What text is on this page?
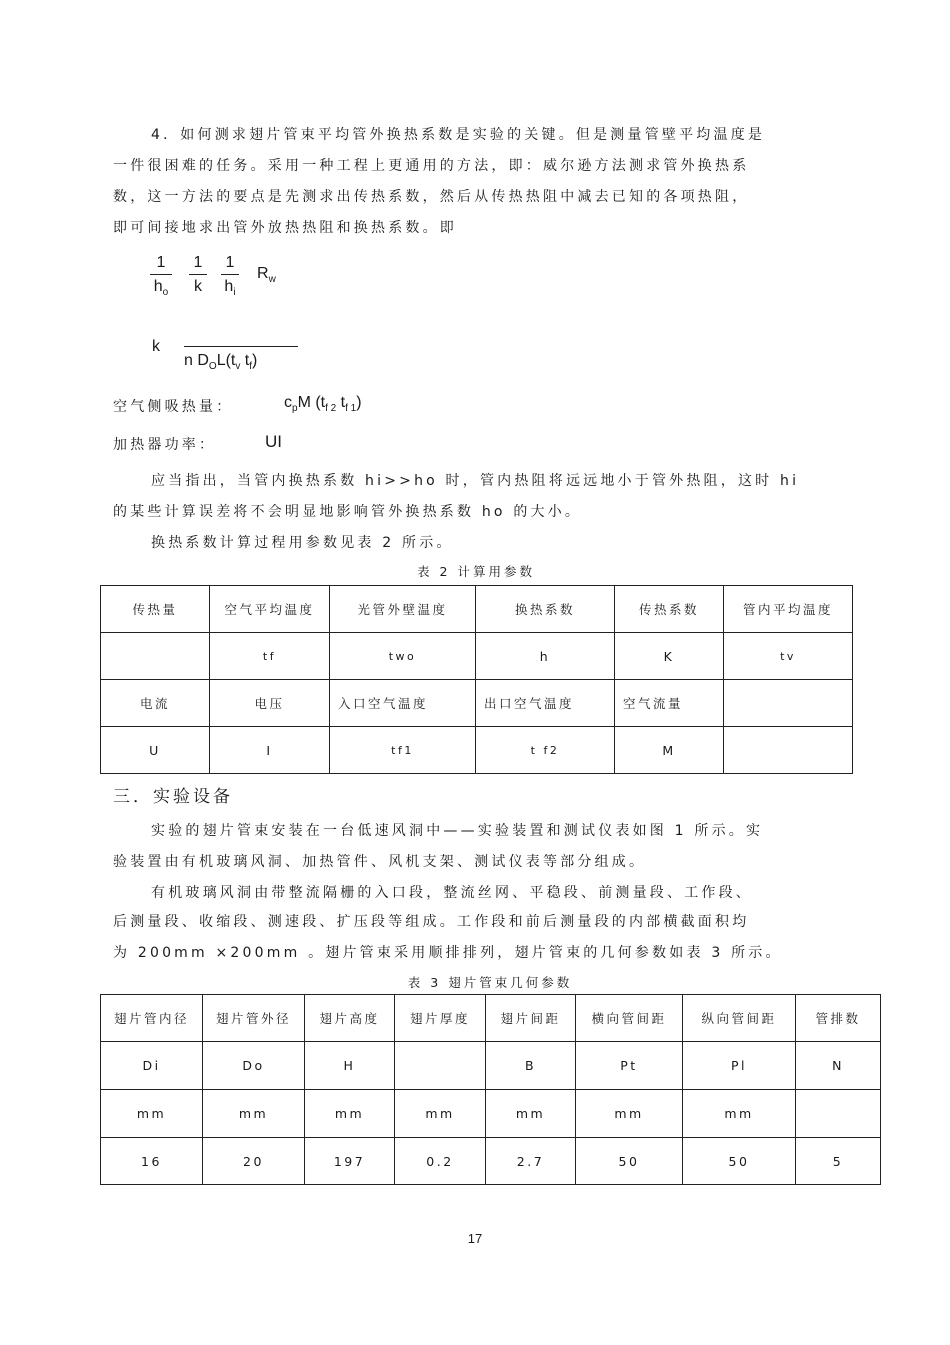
4．如何测求翅片管束平均管外换热系数是实验的关键。但是测量管壁平均温度是
一件很困难的任务。采用一种工程上更通用的方法，即：威尔逊方法测求管外换热系
数，这一方法的要点是先测求出传热系数，然后从传热热阻中减去已知的各项热阻，
即可间接地求出管外放热热阻和换热系数。即
1
$h_o$
1
k
1
$h_i$
$R_w$
k
n $D_OL(t_v$ $t_f$)
空气侧吸热量：	$c_pM$ ($t_{f 2}$ $t_{f 1}$)
加热器功率：	UI
应当指出，当管内换热系数 hi>>ho 时，管内热阻将远远地小于管外热阻，这时 hi
的某些计算误差将不会明显地影响管外换热系数 ho 的大小。
换热系数计算过程用参数见表 2 所示。
表 2 计算用参数
传热量	空气平均温度	光管外壁温度	换热系数	传热系数	管内平均温度
	tf	two	h	K	tv
电流	电压	入口空气温度	出口空气温度	空气流量	
U	I	tf1	t f2	M	
三．实验设备
实验的翅片管束安装在一台低速风洞中——实验装置和测试仪表如图 1 所示。实
验装置由有机玻璃风洞、加热管件、风机支架、测试仪表等部分组成。
有机玻璃风洞由带整流隔栅的入口段，整流丝网、平稳段、前测量段、工作段、
后测量段、收缩段、测速段、扩压段等组成。工作段和前后测量段的内部横截面积均
为 200mm ×200mm 。翅片管束采用顺排排列，翅片管束的几何参数如表 3 所示。
表 3 翅片管束几何参数
翅片管内径	翅片管外径	翅片高度	翅片厚度	翅片间距	横向管间距	纵向管间距	管排数
Di	Do	H		B	Pt	Pl	N
mm	mm	mm	mm	mm	mm	mm	
16	20	197	0.2	2.7	50	50	5
17
